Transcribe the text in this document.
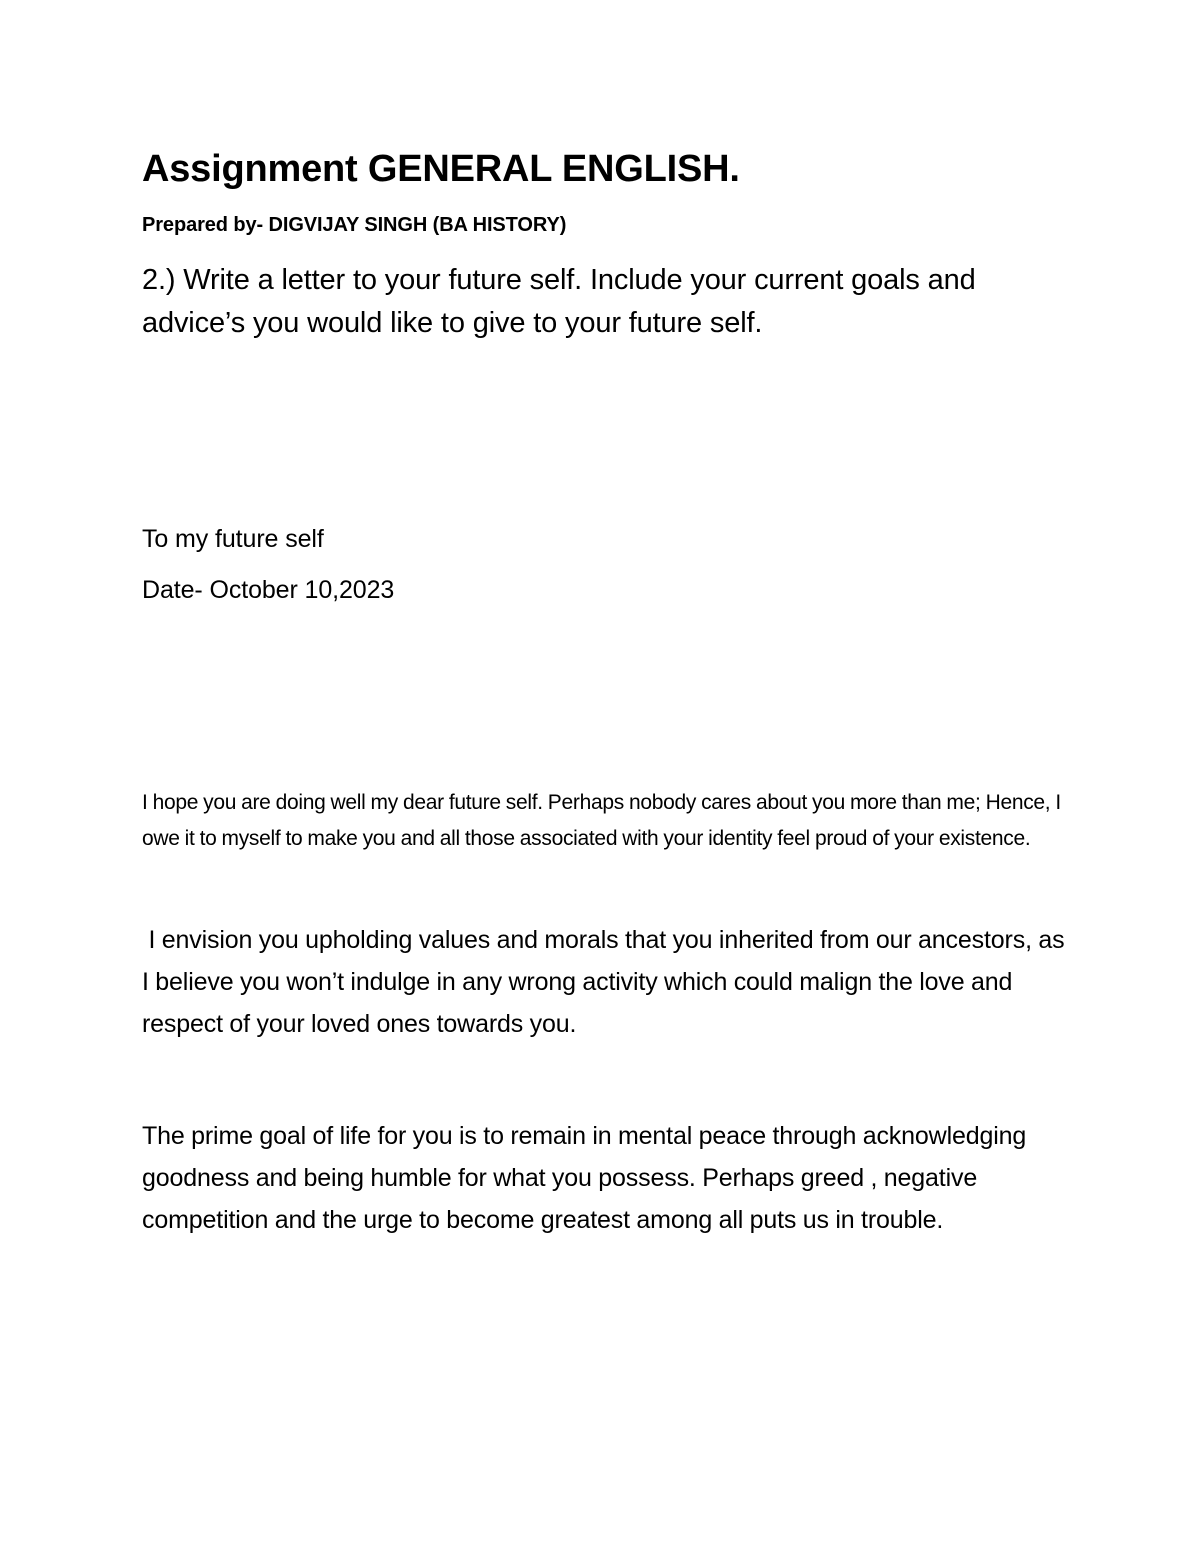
Assignment GENERAL ENGLISH.

Prepared by- DIGVIJAY SINGH (BA HISTORY)

2.) Write a letter to your future self. Include your current goals and advice’s you would like to give to your future self.

To my future self

Date- October 10,2023

I hope you are doing well my dear future self. Perhaps nobody cares about you more than me; Hence, I owe it to myself to make you and all those associated with your identity feel proud of your existence.

I envision you upholding values and morals that you inherited from our ancestors, as I believe you won’t indulge in any wrong activity which could malign the love and respect of your loved ones towards you.

The prime goal of life for you is to remain in mental peace through acknowledging goodness and being humble for what you possess. Perhaps greed , negative competition and the urge to become greatest among all puts us in trouble.
